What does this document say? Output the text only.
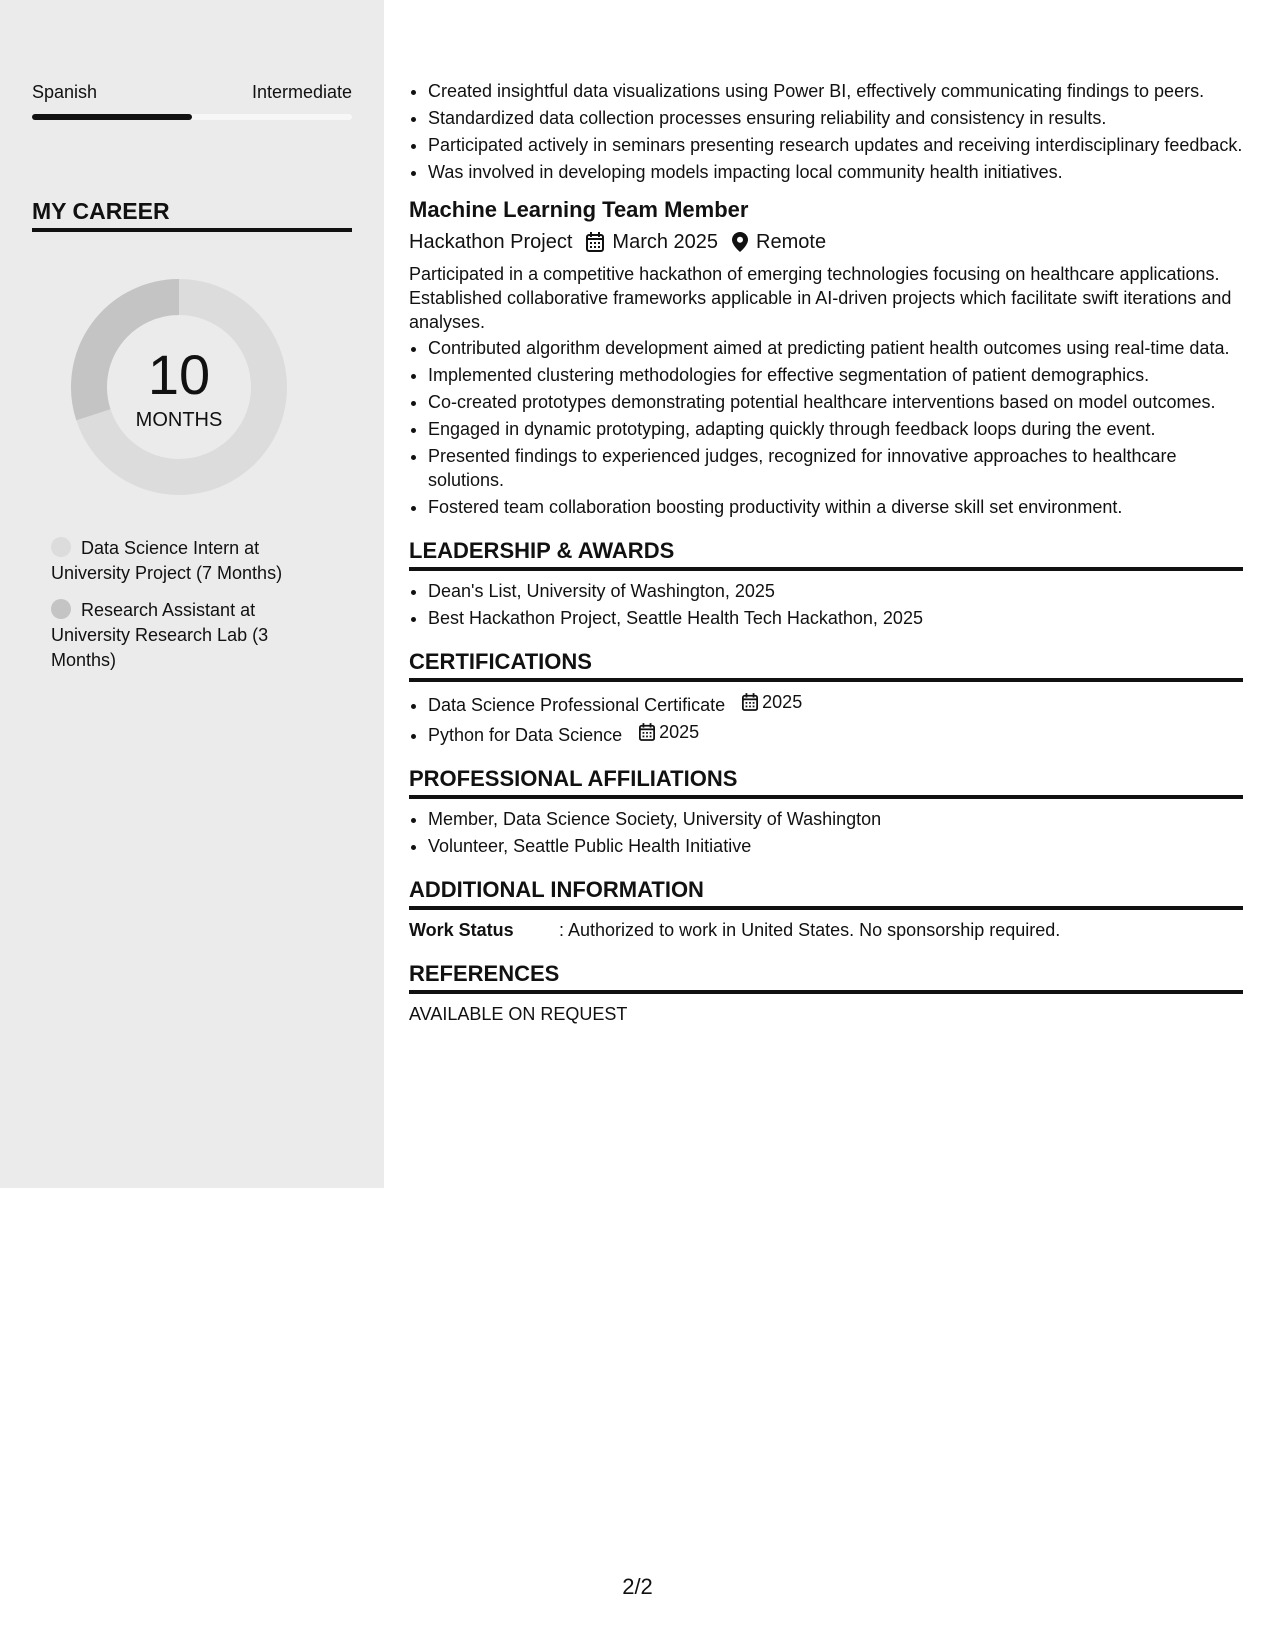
Spanish	Intermediate
MY CAREER
10
MONTHS
Data Science Intern at University Project (7 Months)
Research Assistant at University Research Lab (3 Months)
• Created insightful data visualizations using Power BI, effectively communicating findings to peers.
• Standardized data collection processes ensuring reliability and consistency in results.
• Participated actively in seminars presenting research updates and receiving interdisciplinary feedback.
• Was involved in developing models impacting local community health initiatives.
Machine Learning Team Member
Hackathon Project March 2025 Remote
Participated in a competitive hackathon of emerging technologies focusing on healthcare applications. Established collaborative frameworks applicable in AI-driven projects which facilitate swift iterations and analyses.
• Contributed algorithm development aimed at predicting patient health outcomes using real-time data.
• Implemented clustering methodologies for effective segmentation of patient demographics.
• Co-created prototypes demonstrating potential healthcare interventions based on model outcomes.
• Engaged in dynamic prototyping, adapting quickly through feedback loops during the event.
• Presented findings to experienced judges, recognized for innovative approaches to healthcare solutions.
• Fostered team collaboration boosting productivity within a diverse skill set environment.
LEADERSHIP & AWARDS
• Dean's List, University of Washington, 2025
• Best Hackathon Project, Seattle Health Tech Hackathon, 2025
CERTIFICATIONS
• Data Science Professional Certificate 2025
• Python for Data Science 2025
PROFESSIONAL AFFILIATIONS
• Member, Data Science Society, University of Washington
• Volunteer, Seattle Public Health Initiative
ADDITIONAL INFORMATION
Work Status	: Authorized to work in United States. No sponsorship required.
REFERENCES
AVAILABLE ON REQUEST
2/2
